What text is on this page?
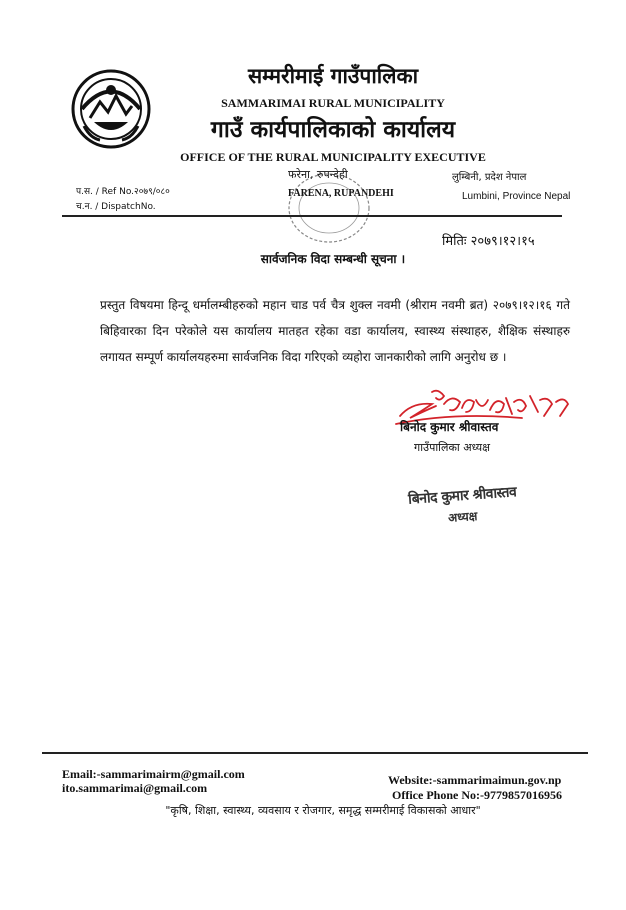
सम्मरीमाई गाउँपालिका
SAMMARIMAI RURAL MUNICIPALITY
गाउँ कार्यपालिकाको कार्यालय
OFFICE OF THE RURAL MUNICIPALITY EXECUTIVE
प.स. / Ref No.२०७९/०८०
च.न. / DispatchNo.
फरेना, रुपन्देही
FARENA, RUPANDEHI
लुम्बिनी, प्रदेश नेपाल
Lumbini, Province Nepal
मितिः २०७९।१२।१५
सार्वजनिक विदा सम्बन्धी सूचना ।
प्रस्तुत विषयमा हिन्दू धर्मालम्बीहरुको महान चाड पर्व चैत्र शुक्ल नवमी (श्रीराम नवमी ब्रत) २०७९।१२।१६ गते बिहिवारका दिन परेकोले यस कार्यालय मातहत रहेका वडा कार्यालय, स्वास्थ्य संस्थाहरु, शैक्षिक संस्थाहरु लगायत सम्पूर्ण कार्यालयहरुमा सार्वजनिक विदा गरिएको व्यहोरा जानकारीको लागि अनुरोध छ ।
बिनोद कुमार श्रीवास्तव
गाउँपालिका अध्यक्ष
बिनोद कुमार श्रीवास्तव
अध्यक्ष
Email:-sammarimairm@gmail.com
ito.sammarimai@gmail.com
Website:-sammarimaimun.gov.np
Office Phone No:-9779857016956
"कृषि, शिक्षा, स्वास्थ्य, व्यवसाय र रोजगार, समृद्ध सम्मरीमाई विकासको आधार"
